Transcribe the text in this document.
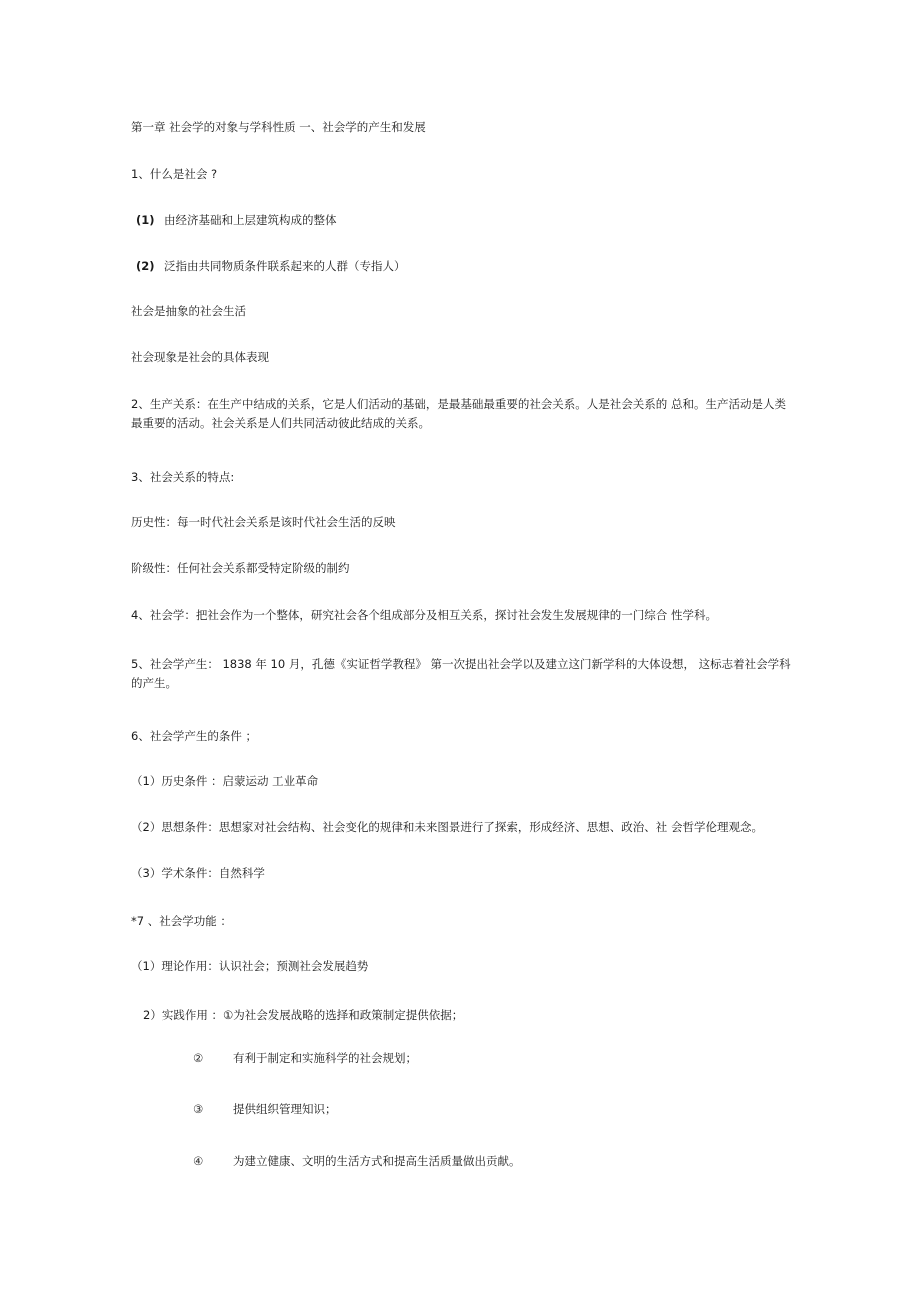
第一章 社会学的对象与学科性质 一、社会学的产生和发展
1、什么是社会 ?
(1) 由经济基础和上层建筑构成的整体
(2) 泛指由共同物质条件联系起来的人群（专指人）
社会是抽象的社会生活
社会现象是社会的具体表现
2、生产关系：在生产中结成的关系，它是人们活动的基础，是最基础最重要的社会关系。人是社会关系的 总和。生产活动是人类最重要的活动。社会关系是人们共同活动彼此结成的关系。
3、社会关系的特点:
历史性：每一时代社会关系是该时代社会生活的反映
阶级性：任何社会关系都受特定阶级的制约
4、社会学：把社会作为一个整体，研究社会各个组成部分及相互关系，探讨社会发生发展规律的一门综合 性学科。
5、社会学产生： 1838 年 10 月，孔德《实证哲学教程》 第一次提出社会学以及建立这门新学科的大体设想， 这标志着社会学科的产生。
6、社会学产生的条件 ；
（1）历史条件 ：启蒙运动 工业革命
（2）思想条件：思想家对社会结构、社会变化的规律和未来图景进行了探索，形成经济、思想、政治、社 会哲学伦理观念。
（3）学术条件：自然科学
*7 、社会学功能 ：
（1）理论作用：认识社会；预测社会发展趋势
2）实践作用 ：①为社会发展战略的选择和政策制定提供依据；
②	有利于制定和实施科学的社会规划；
③	提供组织管理知识；
④	为建立健康、文明的生活方式和提高生活质量做出贡献。
